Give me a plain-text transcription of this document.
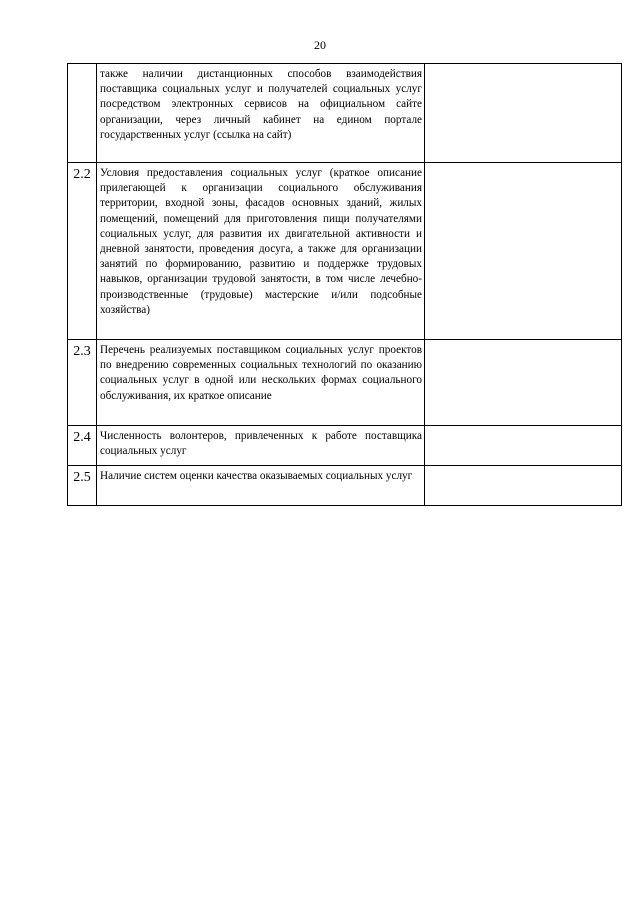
20

	также наличии дистанционных способов взаимодействия поставщика социальных услуг и получателей социальных услуг посредством электронных сервисов на официальном сайте организации, через личный кабинет на едином портале государственных услуг (ссылка на сайт)	

2.2	Условия предоставления социальных услуг (краткое описание прилегающей к организации социального обслуживания территории, входной зоны, фасадов основных зданий, жилых помещений, помещений для приготовления пищи получателями социальных услуг, для развития их двигательной активности и дневной занятости, проведения досуга, а также для организации занятий по формированию, развитию и поддержке трудовых навыков, организации трудовой занятости, в том числе лечебно-производственные (трудовые) мастерские и/или подсобные хозяйства)	

2.3	Перечень реализуемых поставщиком социальных услуг проектов по внедрению современных социальных технологий по оказанию социальных услуг в одной или нескольких формах социального обслуживания, их краткое описание	

2.4	Численность волонтеров, привлеченных к работе поставщика социальных услуг	

2.5	Наличие систем оценки качества оказываемых социальных услуг	
